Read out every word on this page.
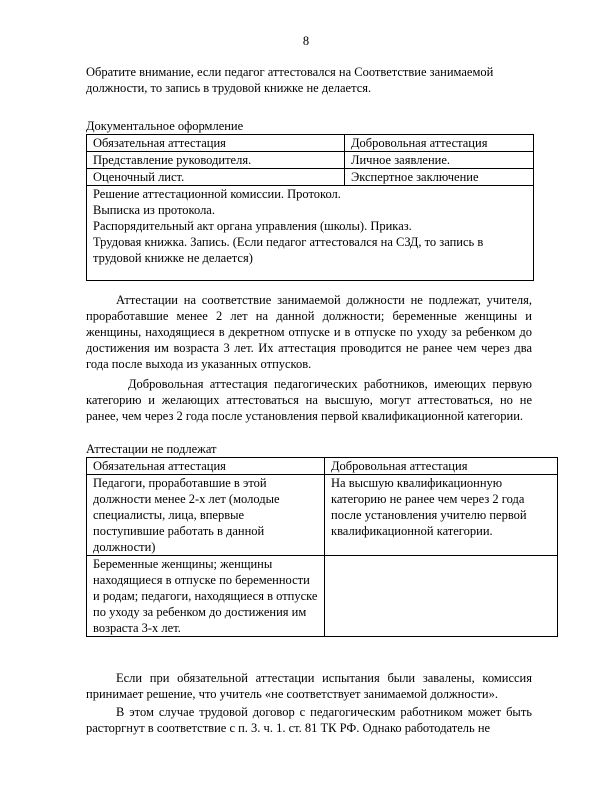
8
Обратите внимание, если педагог аттестовался на Соответствие занимаемой должности, то запись в трудовой книжке не делается.
Документальное оформление
Обязательная аттестация	Добровольная аттестация
Представление руководителя.	Личное заявление.
Оценочный лист.	Экспертное заключение

Решение аттестационной комиссии. Протокол.
Выписка из протокола.
Распорядительный акт органа управления (школы). Приказ.
Трудовая книжка. Запись. (Если педагог аттестовался на СЗД, то запись в трудовой книжке не делается)	
Аттестации на соответствие занимаемой должности не подлежат, учителя, проработавшие менее 2 лет на данной должности; беременные женщины и женщины, находящиеся в декретном отпуске и в отпуске по уходу за ребенком до достижения им возраста 3 лет. Их аттестация проводится не ранее чем через два года после выхода из указанных отпусков.
Добровольная аттестация педагогических работников, имеющих первую категорию и желающих аттестоваться на высшую, могут аттестоваться, но не ранее, чем через 2 года после установления первой квалификационной категории.
Аттестации не подлежат
Обязательная аттестация	Добровольная аттестация

Педагоги, проработавшие в этой должности менее 2-х лет (молодые специалисты, лица, впервые поступившие работать в данной должности)	На высшую квалификационную категорию не ранее чем через 2 года после установления учителю первой квалификационной категории.

Беременные женщины; женщины находящиеся в отпуске по беременности и родам; педагоги, находящиеся в отпуске по уходу за ребенком до достижения им возраста 3-х лет.	

Если при обязательной аттестации испытания были завалены, комиссия принимает решение, что учитель «не соответствует занимаемой должности».
В этом случае трудовой договор с педагогическим работником может быть расторгнут в соответствие с п. 3. ч. 1. ст. 81 ТК РФ. Однако работодатель не
